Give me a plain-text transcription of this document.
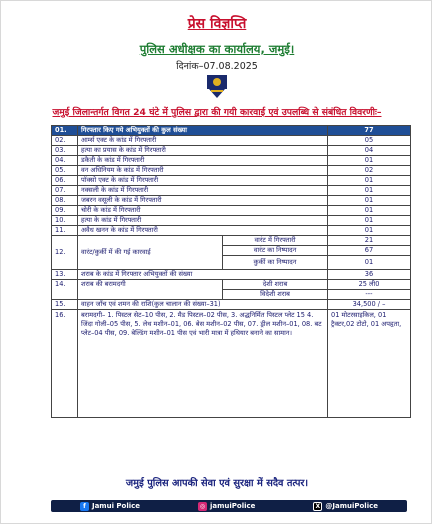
प्रेस विज्ञप्ति
पुलिस अधीक्षक का कार्यालय, जमुई।
दिनांक–07.08.2025
जमुई जिलान्तर्गत विगत 24 घंटे में पुलिस द्वारा की गयी कारवाई एवं उपलब्धि से संबंधित विवरणीः–
01.	गिरफ्तार किए गये अभियुक्तों की कुल संख्या		77
02.	आर्म्स एक्ट के कांड में गिरफ्तारी		05
03.	हत्या का प्रयास के कांड में गिरफ्तारी		04
04.	डकैती के कांड में गिरफ्तारी		01
05.	वन अधिनियम के कांड में गिरफ्तारी		02
06.	पॉक्सो एक्ट के कांड में गिरफ्तारी		01
07.	नक्सली के कांड में गिरफ्तारी		01
08.	जबरन वसूली के कांड में गिरफ्तारी		01
09.	चोरी के कांड में गिरफ्तारी		01
10.	हत्या के कांड में गिरफ्तारी		01
11.	अवैध खनन के कांड में गिरफ्तारी		01
12.	वारंट/कुर्की में की गई कारवाई	वारंट में गिरफ्तारी	21
		वारंट का निष्पादन	67
		कुर्की का निष्पादन	01
13.	शराब के कांड में गिरफ्तार अभियुक्तों की संख्या		36
14.	शराब की बरामदगी	देशी शराब	25 ली0
		विदेशी शराब	---
15.	वाहन जाँच एवं शमन की राशि(कुल चालान की संख्या–31)		34,500 / –
16.	बरामदगी– 1. पिस्टल सेट–10 पीस, 2. मैड पिस्टल–02 पीस, 3. अद्धनिर्मित पिस्टल प्लेट 15 4. जिंदा गोली–05 पीस, 5. लेथ मशीन–01, 06. बेस मशीन–02 पीस, 07. ड्रील मशीन–01, 08. बट प्लेट–04 पीस, 09. बेल्डिंग मशीन–01 पीस एवं भारी मात्रा में हथियार बनाने का सामान।		01 मोटरसाइकिल, 01 ट्रैक्टर,02 टोटो, 01 अपहृता,
जमुई पुलिस आपकी सेवा एवं सुरक्षा में सदैव तत्पर।
f Jamui Police	◎ jamuiPolice	X @JamuiPolice
